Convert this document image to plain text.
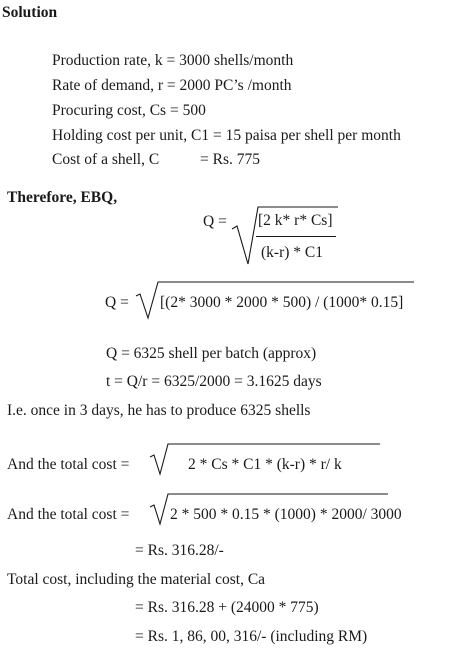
Solution
Production rate, k = 3000 shells/month
Rate of demand, r = 2000 PC’s /month
Procuring cost, Cs = 500
Holding cost per unit, C1 = 15 paisa per shell per month
Cost of a shell, C	= Rs. 775
Therefore, EBQ,
Q = [2 k* r* Cs]
(k-r) * C1
Q = [(2* 3000 * 2000 * 500) / (1000* 0.15]
Q = 6325 shell per batch (approx)
t = Q/r = 6325/2000 = 3.1625 days
I.e. once in 3 days, he has to produce 6325 shells
And the total cost =	2 * Cs * C1 * (k-r) * r/ k
And the total cost =	2 * 500 * 0.15 * (1000) * 2000/ 3000
= Rs. 316.28/-
Total cost, including the material cost, Ca
= Rs. 316.28 + (24000 * 775)
= Rs. 1, 86, 00, 316/- (including RM)
